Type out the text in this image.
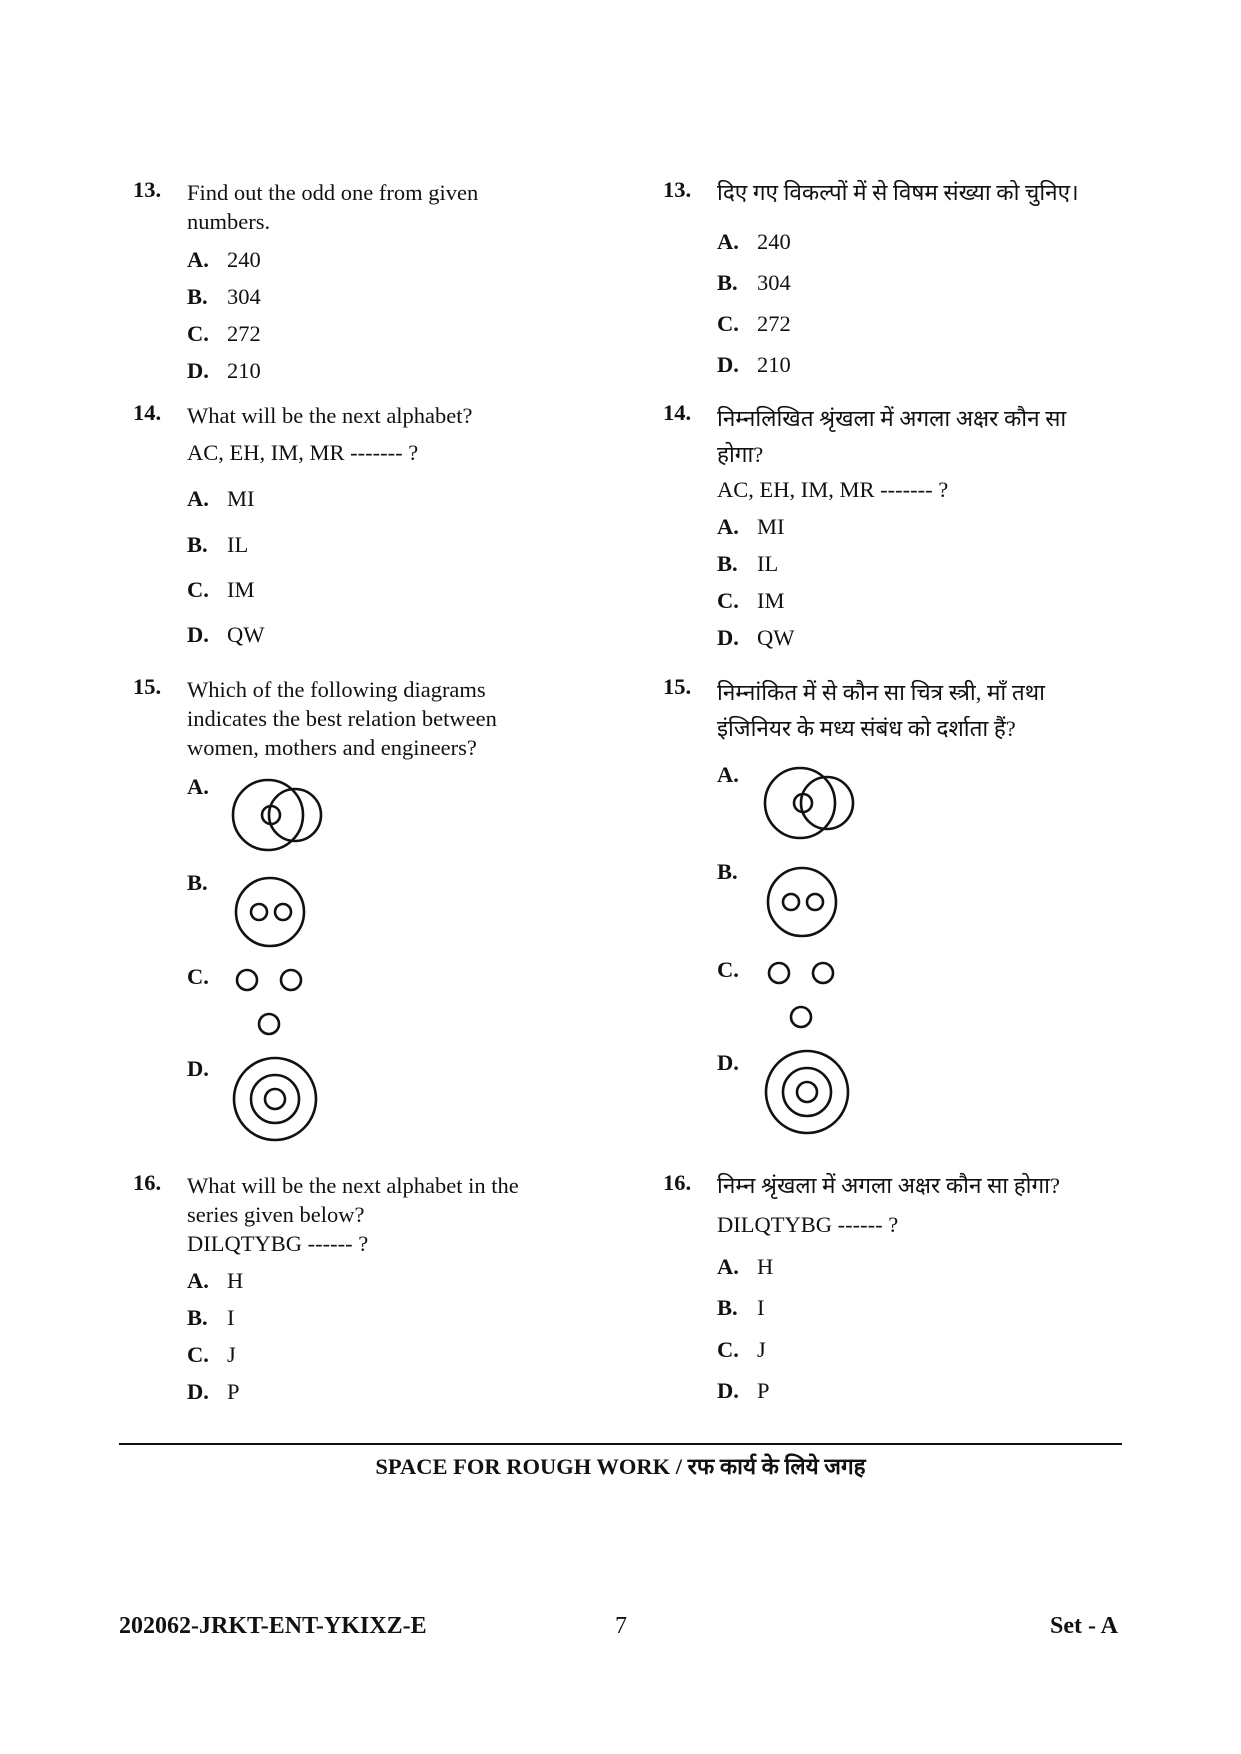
13. Find out the odd one from given
numbers.
A. 240
B. 304
C. 272
D. 210
14. What will be the next alphabet?
AC, EH, IM, MR ------- ?
A. MI
B. IL
C. IM
D. QW
15. Which of the following diagrams
indicates the best relation between
women, mothers and engineers?
A.
B.
C.
D.
16. What will be the next alphabet in the
series given below?
DILQTYBG ------ ?
A. H
B. I
C. J
D. P
13. दिए गए विकल्पों में से विषम संख्या को चुनिए।
A. 240
B. 304
C. 272
D. 210
14. निम्नलिखित श्रृंखला में अगला अक्षर कौन सा
होगा?
AC, EH, IM, MR ------- ?
A. MI
B. IL
C. IM
D. QW
15. निम्नांकित में से कौन सा चित्र स्त्री, माँ तथा
इंजिनियर के मध्य संबंध को दर्शाता हैं?
A.
B.
C.
D.
16. निम्न श्रृंखला में अगला अक्षर कौन सा होगा?
DILQTYBG ------ ?
A. H
B. I
C. J
D. P
SPACE FOR ROUGH WORK / रफ कार्य के लिये जगह
202062-JRKT-ENT-YKIXZ-E	7	Set - A
